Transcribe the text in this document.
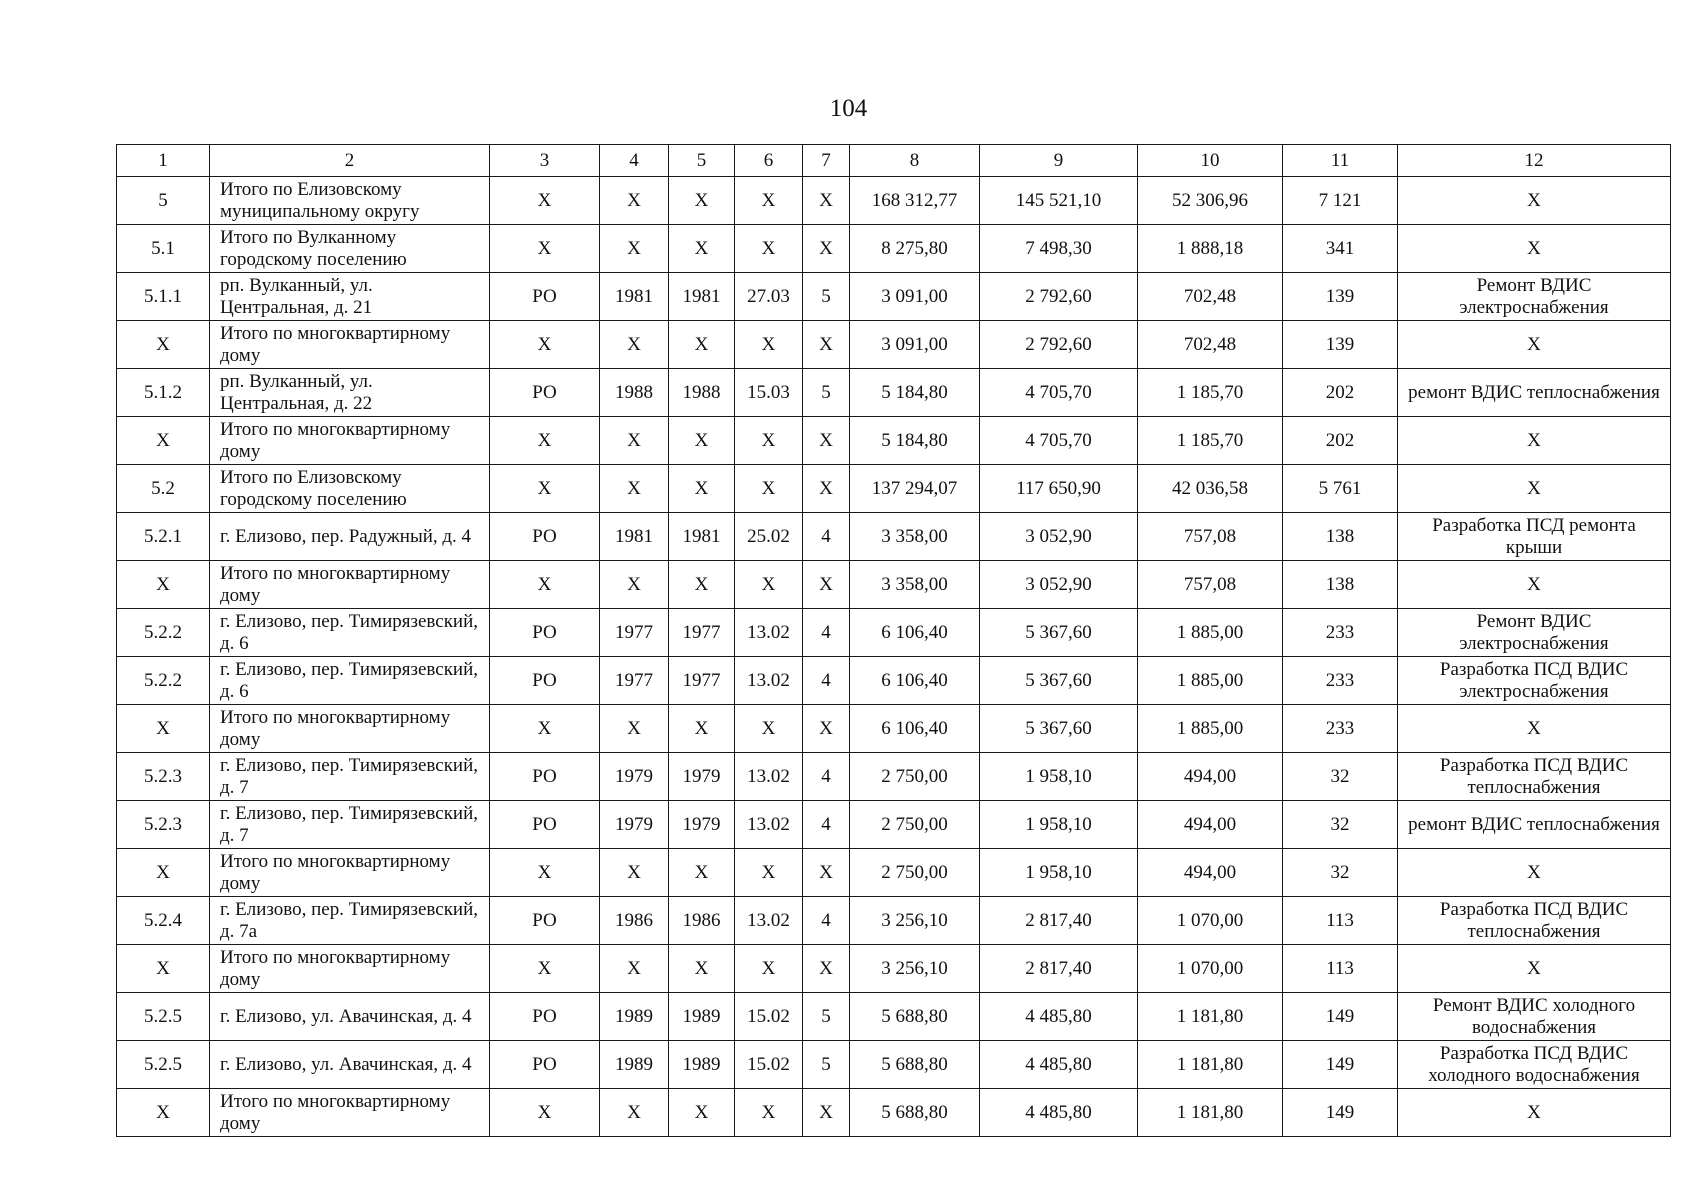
104
1	2	3	4	5	6	7	8	9	10	11	12
5	Итого по Елизовскому муниципальному округу	Х	Х	Х	Х	Х	168 312,77	145 521,10	52 306,96	7 121	Х
5.1	Итого по Вулканному городскому поселению	Х	Х	Х	Х	Х	8 275,80	7 498,30	1 888,18	341	Х
5.1.1	рп. Вулканный, ул. Центральная, д. 21	РО	1981	1981	27.03	5	3 091,00	2 792,60	702,48	139	Ремонт ВДИС электроснабжения
Х	Итого по многоквартирному дому	Х	Х	Х	Х	Х	3 091,00	2 792,60	702,48	139	Х
5.1.2	рп. Вулканный, ул. Центральная, д. 22	РО	1988	1988	15.03	5	5 184,80	4 705,70	1 185,70	202	ремонт ВДИС теплоснабжения
Х	Итого по многоквартирному дому	Х	Х	Х	Х	Х	5 184,80	4 705,70	1 185,70	202	Х
5.2	Итого по Елизовскому городскому поселению	Х	Х	Х	Х	Х	137 294,07	117 650,90	42 036,58	5 761	Х
5.2.1	г. Елизово, пер. Радужный, д. 4	РО	1981	1981	25.02	4	3 358,00	3 052,90	757,08	138	Разработка ПСД ремонта крыши
Х	Итого по многоквартирному дому	Х	Х	Х	Х	Х	3 358,00	3 052,90	757,08	138	Х
5.2.2	г. Елизово, пер. Тимирязевский, д. 6	РО	1977	1977	13.02	4	6 106,40	5 367,60	1 885,00	233	Ремонт ВДИС электроснабжения
5.2.2	г. Елизово, пер. Тимирязевский, д. 6	РО	1977	1977	13.02	4	6 106,40	5 367,60	1 885,00	233	Разработка ПСД ВДИС электроснабжения
Х	Итого по многоквартирному дому	Х	Х	Х	Х	Х	6 106,40	5 367,60	1 885,00	233	Х
5.2.3	г. Елизово, пер. Тимирязевский, д. 7	РО	1979	1979	13.02	4	2 750,00	1 958,10	494,00	32	Разработка ПСД ВДИС теплоснабжения
5.2.3	г. Елизово, пер. Тимирязевский, д. 7	РО	1979	1979	13.02	4	2 750,00	1 958,10	494,00	32	ремонт ВДИС теплоснабжения
Х	Итого по многоквартирному дому	Х	Х	Х	Х	Х	2 750,00	1 958,10	494,00	32	Х
5.2.4	г. Елизово, пер. Тимирязевский, д. 7а	РО	1986	1986	13.02	4	3 256,10	2 817,40	1 070,00	113	Разработка ПСД ВДИС теплоснабжения
Х	Итого по многоквартирному дому	Х	Х	Х	Х	Х	3 256,10	2 817,40	1 070,00	113	Х
5.2.5	г. Елизово, ул. Авачинская, д. 4	РО	1989	1989	15.02	5	5 688,80	4 485,80	1 181,80	149	Ремонт ВДИС холодного водоснабжения
5.2.5	г. Елизово, ул. Авачинская, д. 4	РО	1989	1989	15.02	5	5 688,80	4 485,80	1 181,80	149	Разработка ПСД ВДИС холодного водоснабжения
Х	Итого по многоквартирному дому	Х	Х	Х	Х	Х	5 688,80	4 485,80	1 181,80	149	Х
